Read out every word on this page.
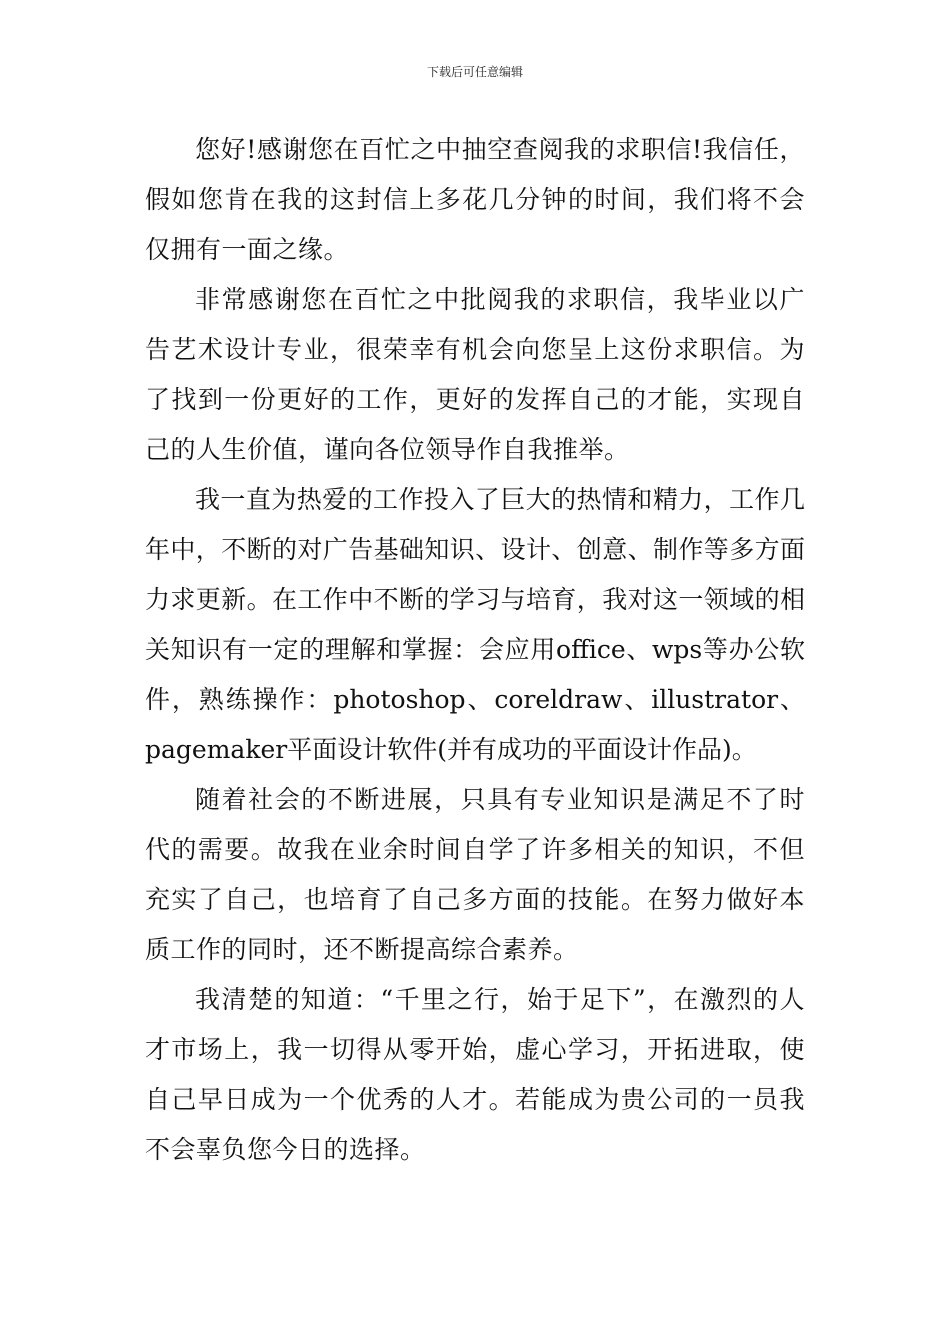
下载后可任意编辑

您好!感谢您在百忙之中抽空查阅我的求职信!我信任，假如您肯在我的这封信上多花几分钟的时间，我们将不会仅拥有一面之缘。

非常感谢您在百忙之中批阅我的求职信，我毕业以广告艺术设计专业，很荣幸有机会向您呈上这份求职信。为了找到一份更好的工作，更好的发挥自己的才能，实现自己的人生价值，谨向各位领导作自我推举。

我一直为热爱的工作投入了巨大的热情和精力，工作几年中，不断的对广告基础知识、设计、创意、制作等多方面力求更新。在工作中不断的学习与培育，我对这一领域的相关知识有一定的理解和掌握：会应用office、wps等办公软件，熟练操作：photoshop、coreldraw、illustrator、pagemaker平面设计软件(并有成功的平面设计作品)。

随着社会的不断进展，只具有专业知识是满足不了时代的需要。故我在业余时间自学了许多相关的知识，不但充实了自己，也培育了自己多方面的技能。在努力做好本质工作的同时，还不断提高综合素养。

我清楚的知道：“千里之行，始于足下”，在激烈的人才市场上，我一切得从零开始，虚心学习，开拓进取，使自己早日成为一个优秀的人才。若能成为贵公司的一员我不会辜负您今日的选择。
